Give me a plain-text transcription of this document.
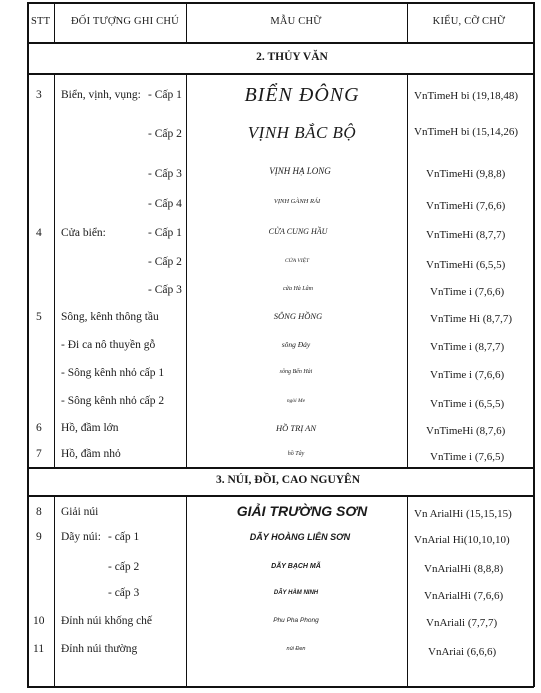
STT ĐỐI TƯỢNG GHI CHÚ	MẪU CHỮ	KIỂU, CỠ CHỮ
2. THỦY VĂN
3. NÚI, ĐỒI, CAO NGUYÊN
3 Biển, vịnh, vụng: - Cấp 1	BIỂN ĐÔNG	VnTimeH bi (19,18,48)
- Cấp 2	VỊNH BẮC BỘ	VnTimeH bi (15,14,26)
- Cấp 3	VỊNH HẠ LONG	VnTimeHi (9,8,8)
- Cấp 4	VỊNH GÀNH RÁI	VnTimeHi (7,6,6)
4 Cửa biển:	- Cấp 1	CỬA CUNG HẦU	VnTimeHi (8,7,7)
- Cấp 2	CỬA VIỆT	VnTimeHi (6,5,5)
- Cấp 3	cửa Hà Lâm	VnTime i (7,6,6)
5 Sông, kênh thông tầu	SÔNG HỒNG	VnTime Hi (8,7,7)
- Đi ca nô thuyền gỗ	sông Đáy	VnTime i (8,7,7)
- Sông kênh nhỏ cấp 1	sông Bến Hải	VnTime i (7,6,6)
- Sông kênh nhỏ cấp 2	ngòi Me	VnTime i (6,5,5)
6 Hồ, đầm lớn	HỒ TRỊ AN	VnTimeHi (8,7,6)
7 Hồ, đầm nhỏ	hồ Tây	VnTime i (7,6,5)
8 Giải núi	GIẢI TRƯỜNG SƠN	Vn ArialHi (15,15,15)
9 Dãy núi: - cấp 1	DÃY HOÀNG LIÊN SƠN	VnArial Hi(10,10,10)
- cấp 2	DÃY BẠCH MÃ	VnArialHi (8,8,8)
- cấp 3	DÃY HÀM NINH	VnArialHi (7,6,6)
10 Đỉnh núi khống chế	Phu Pha Phong	VnAriali (7,7,7)
11 Đỉnh núi thường	núi Đen	VnAriai (6,6,6)
